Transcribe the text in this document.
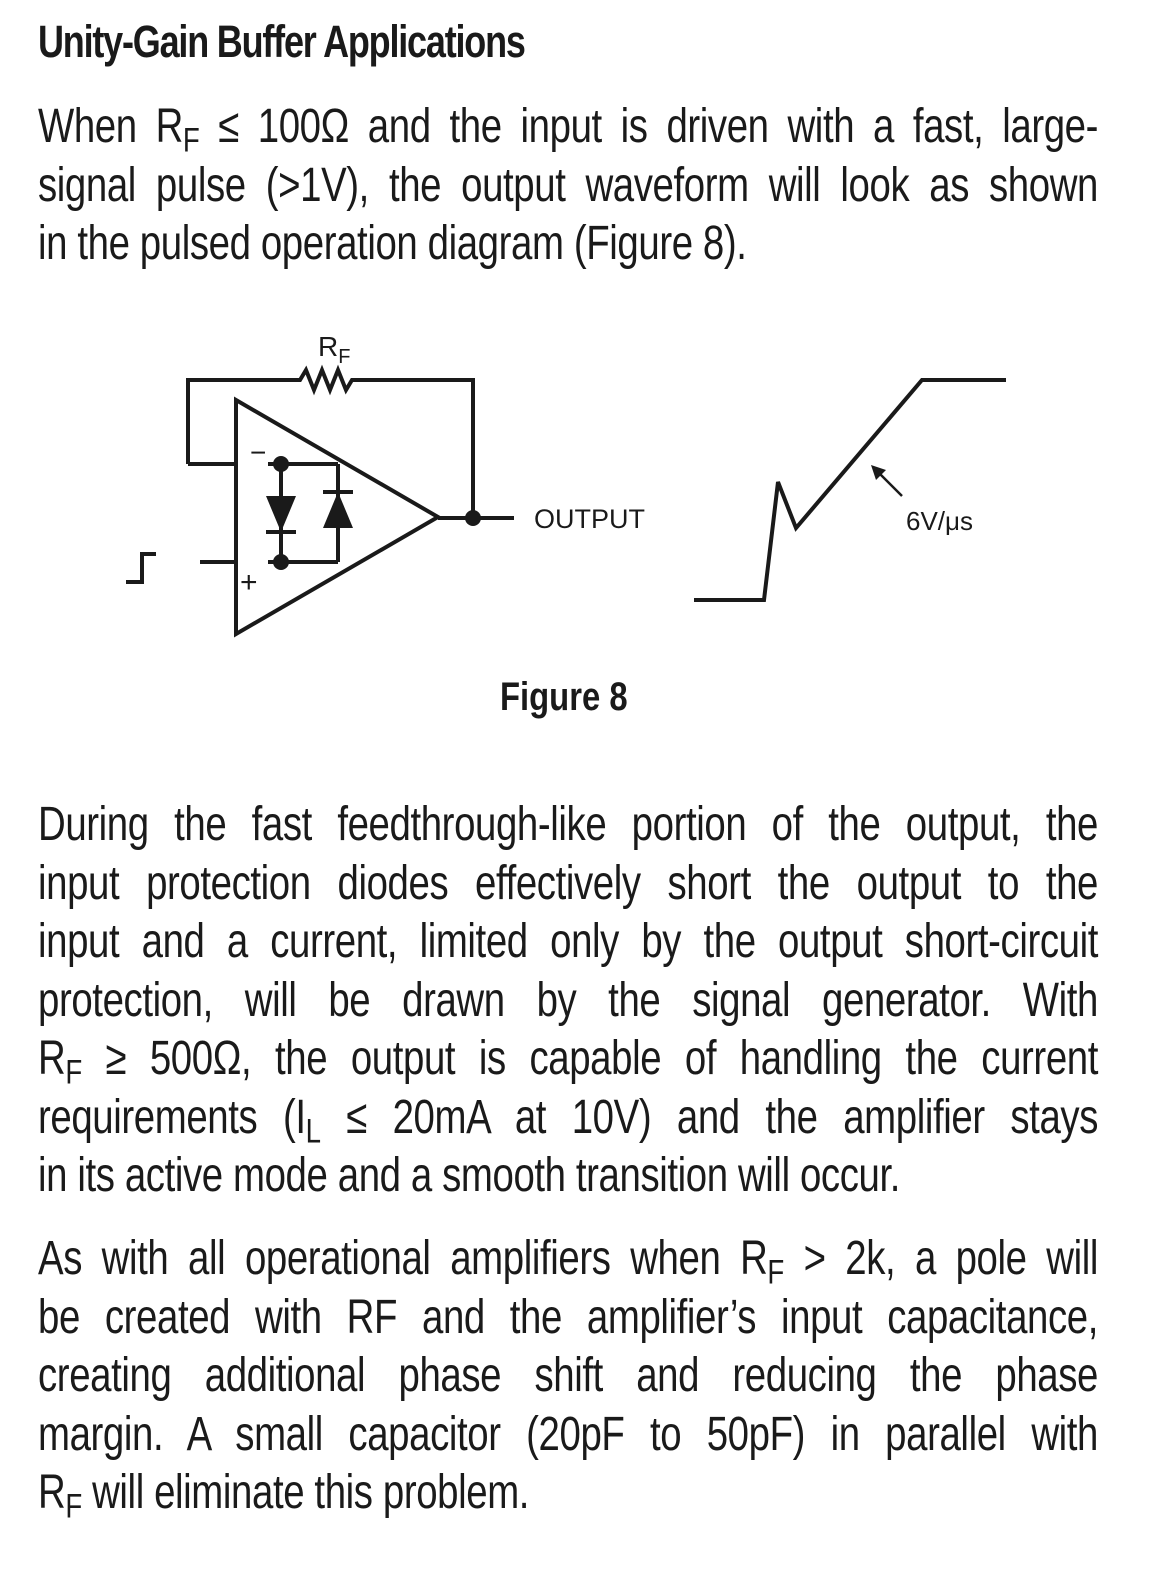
Unity-Gain Buffer Applications

When $R_F \le 100\Omega$ and the input is driven with a fast, large-
signal pulse (>1V), the output waveform will look as shown
in the pulsed operation diagram (Figure 8).

$R_F$
−
+
OUTPUT	6V/μs

Figure 8

During the fast feedthrough-like portion of the output, the
input protection diodes effectively short the output to the
input and a current, limited only by the output short-circuit
protection, will be drawn by the signal generator. With
$R_F \ge 500\Omega$, the output is capable of handling the current
requirements ($I_L \le 20mA$ at 10V) and the amplifier stays
in its active mode and a smooth transition will occur.

As with all operational amplifiers when $R_F > 2k$, a pole will
be created with RF and the amplifier’s input capacitance,
creating additional phase shift and reducing the phase
margin. A small capacitor (20pF to 50pF) in parallel with
$R_F$ will eliminate this problem.
